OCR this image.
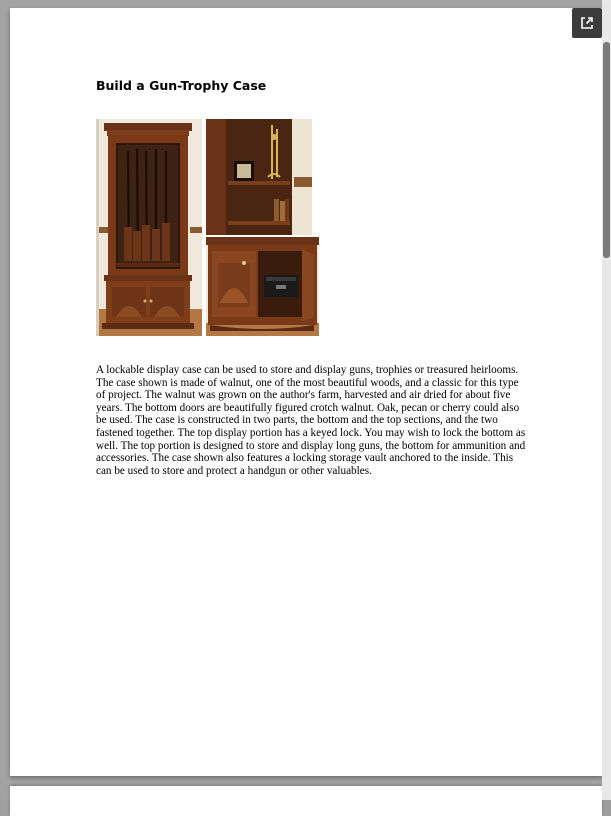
Build a Gun-Trophy Case

A lockable display case can be used to store and display guns, trophies or treasured heirlooms. The case shown is made of walnut, one of the most beautiful woods, and a classic for this type of project. The walnut was grown on the author's farm, harvested and air dried for about five years. The bottom doors are beautifully figured crotch walnut. Oak, pecan or cherry could also be used. The case is constructed in two parts, the bottom and the top sections, and the two fastened together. The top display portion has a keyed lock. You may wish to lock the bottom as well. The top portion is designed to store and display long guns, the bottom for ammunition and accessories. The case shown also features a locking storage vault anchored to the inside. This can be used to store and protect a handgun or other valuables.
